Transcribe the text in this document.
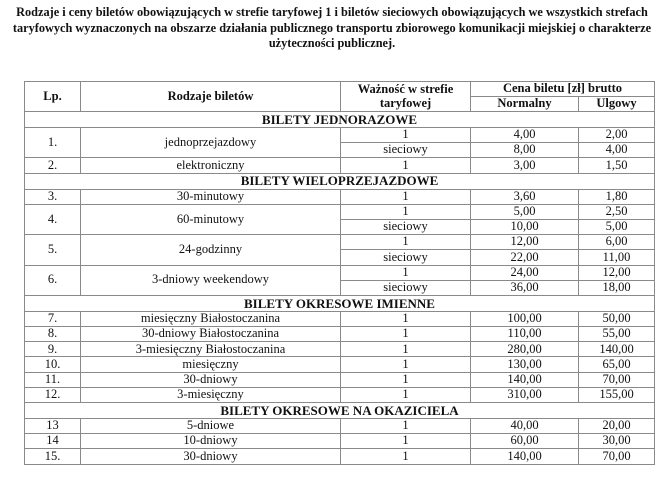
Rodzaje i ceny biletów obowiązujących w strefie taryfowej 1 i biletów sieciowych obowiązujących we wszystkich strefach taryfowych wyznaczonych na obszarze działania publicznego transportu zbiorowego komunikacji miejskiej o charakterze użyteczności publicznej.
Lp.	Rodzaje biletów	Ważność w strefie taryfowej	Cena biletu [zł] brutto	
			Normalny	Ulgowy
BILETY JEDNORAZOWE				
1.	jednoprzejazdowy	1	4,00	2,00
		sieciowy	8,00	4,00
2.	elektroniczny	1	3,00	1,50
BILETY WIELOPRZEJAZDOWE				
3.	30-minutowy	1	3,60	1,80
4.	60-minutowy	1	5,00	2,50
		sieciowy	10,00	5,00
5.	24-godzinny	1	12,00	6,00
		sieciowy	22,00	11,00
6.	3-dniowy weekendowy	1	24,00	12,00
		sieciowy	36,00	18,00
BILETY OKRESOWE IMIENNE				
7.	miesięczny Białostoczanina	1	100,00	50,00
8.	30-dniowy Białostoczanina	1	110,00	55,00
9.	3-miesięczny Białostoczanina	1	280,00	140,00
10.	miesięczny	1	130,00	65,00
11.	30-dniowy	1	140,00	70,00
12.	3-miesięczny	1	310,00	155,00
BILETY OKRESOWE NA OKAZICIELA				
13	5-dniowe	1	40,00	20,00
14	10-dniowy	1	60,00	30,00
15.	30-dniowy	1	140,00	70,00
